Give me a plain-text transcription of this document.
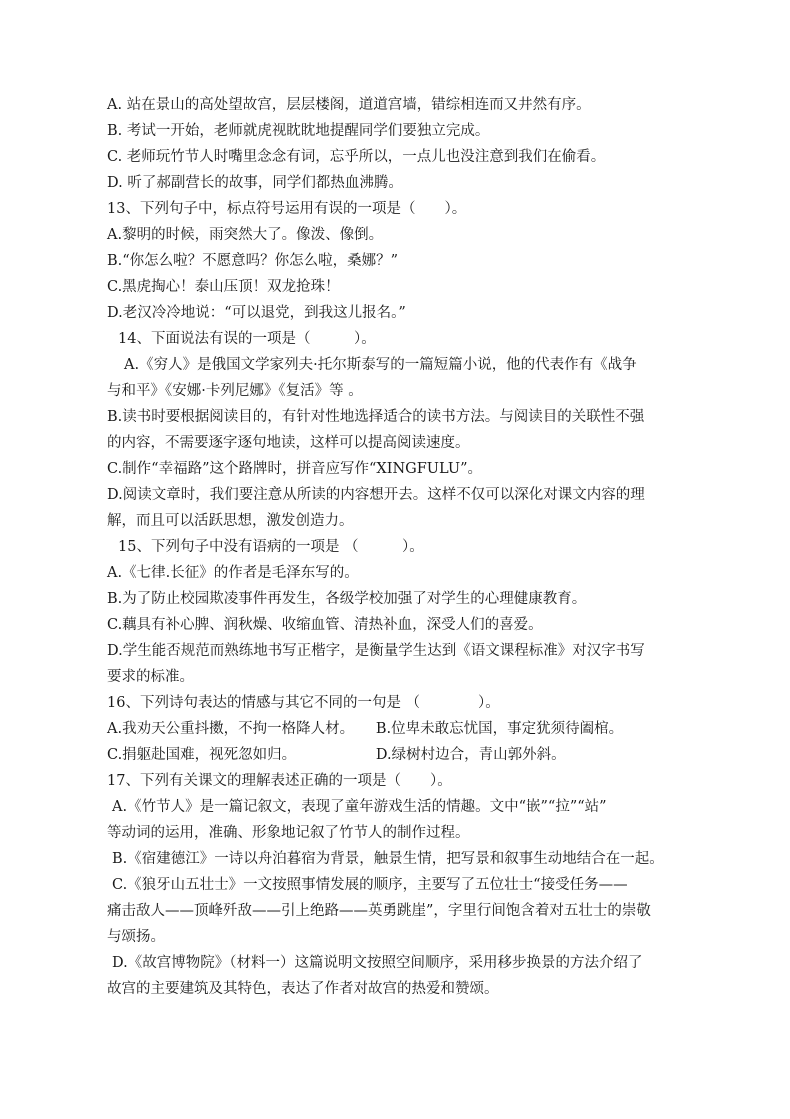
A. 站在景山的高处望故宫，层层楼阁，道道宫墙，错综相连而又井然有序。
B. 考试一开始，老师就虎视眈眈地提醒同学们要独立完成。
C. 老师玩竹节人时嘴里念念有词，忘乎所以，一点儿也没注意到我们在偷看。
D. 听了郝副营长的故事，同学们都热血沸腾。
13、下列句子中，标点符号运用有误的一项是（　　）。
A.黎明的时候，雨突然大了。像泼、像倒。
B.“你怎么啦？不愿意吗？你怎么啦，桑娜？”
C.黑虎掏心！泰山压顶！双龙抢珠！
D.老汉冷冷地说：“可以退党，到我这儿报名。”
14、下面说法有误的一项是（　　　）。
A.《穷人》是俄国文学家列夫·托尔斯泰写的一篇短篇小说，他的代表作有《战争
与和平》《安娜·卡列尼娜》《复活》等 。
B.读书时要根据阅读目的，有针对性地选择适合的读书方法。与阅读目的关联性不强
的内容，不需要逐字逐句地读，这样可以提高阅读速度。
C.制作“幸福路”这个路牌时，拼音应写作“XINGFULU”。
D.阅读文章时，我们要注意从所读的内容想开去。这样不仅可以深化对课文内容的理
解，而且可以活跃思想，激发创造力。
15、下列句子中没有语病的一项是 （　　　）。
A.《七律.长征》的作者是毛泽东写的。
B.为了防止校园欺凌事件再发生，各级学校加强了对学生的心理健康教育。
C.藕具有补心脾、润秋燥、收缩血管、清热补血，深受人们的喜爱。
D.学生能否规范而熟练地书写正楷字，是衡量学生达到《语文课程标准》对汉字书写
要求的标准。
16、下列诗句表达的情感与其它不同的一句是 （　　　　）。
A.我劝天公重抖擞，不拘一格降人材。　　B.位卑未敢忘忧国，事定犹须待阖棺。
C.捐躯赴国难，视死忽如归。　　　　　　D.绿树村边合，青山郭外斜。
17、下列有关课文的理解表述正确的一项是（　　）。
A.《竹节人》是一篇记叙文，表现了童年游戏生活的情趣。文中“嵌”“拉”“站”
等动词的运用，准确、形象地记叙了竹节人的制作过程。
B.《宿建德江》一诗以舟泊暮宿为背景，触景生情，把写景和叙事生动地结合在一起。
C.《狼牙山五壮士》一文按照事情发展的顺序，主要写了五位壮士“接受任务——
痛击敌人——顶峰歼敌——引上绝路——英勇跳崖”，字里行间饱含着对五壮士的崇敬
与颂扬。
D.《故宫博物院》（材料一）这篇说明文按照空间顺序，采用移步换景的方法介绍了
故宫的主要建筑及其特色，表达了作者对故宫的热爱和赞颂。
